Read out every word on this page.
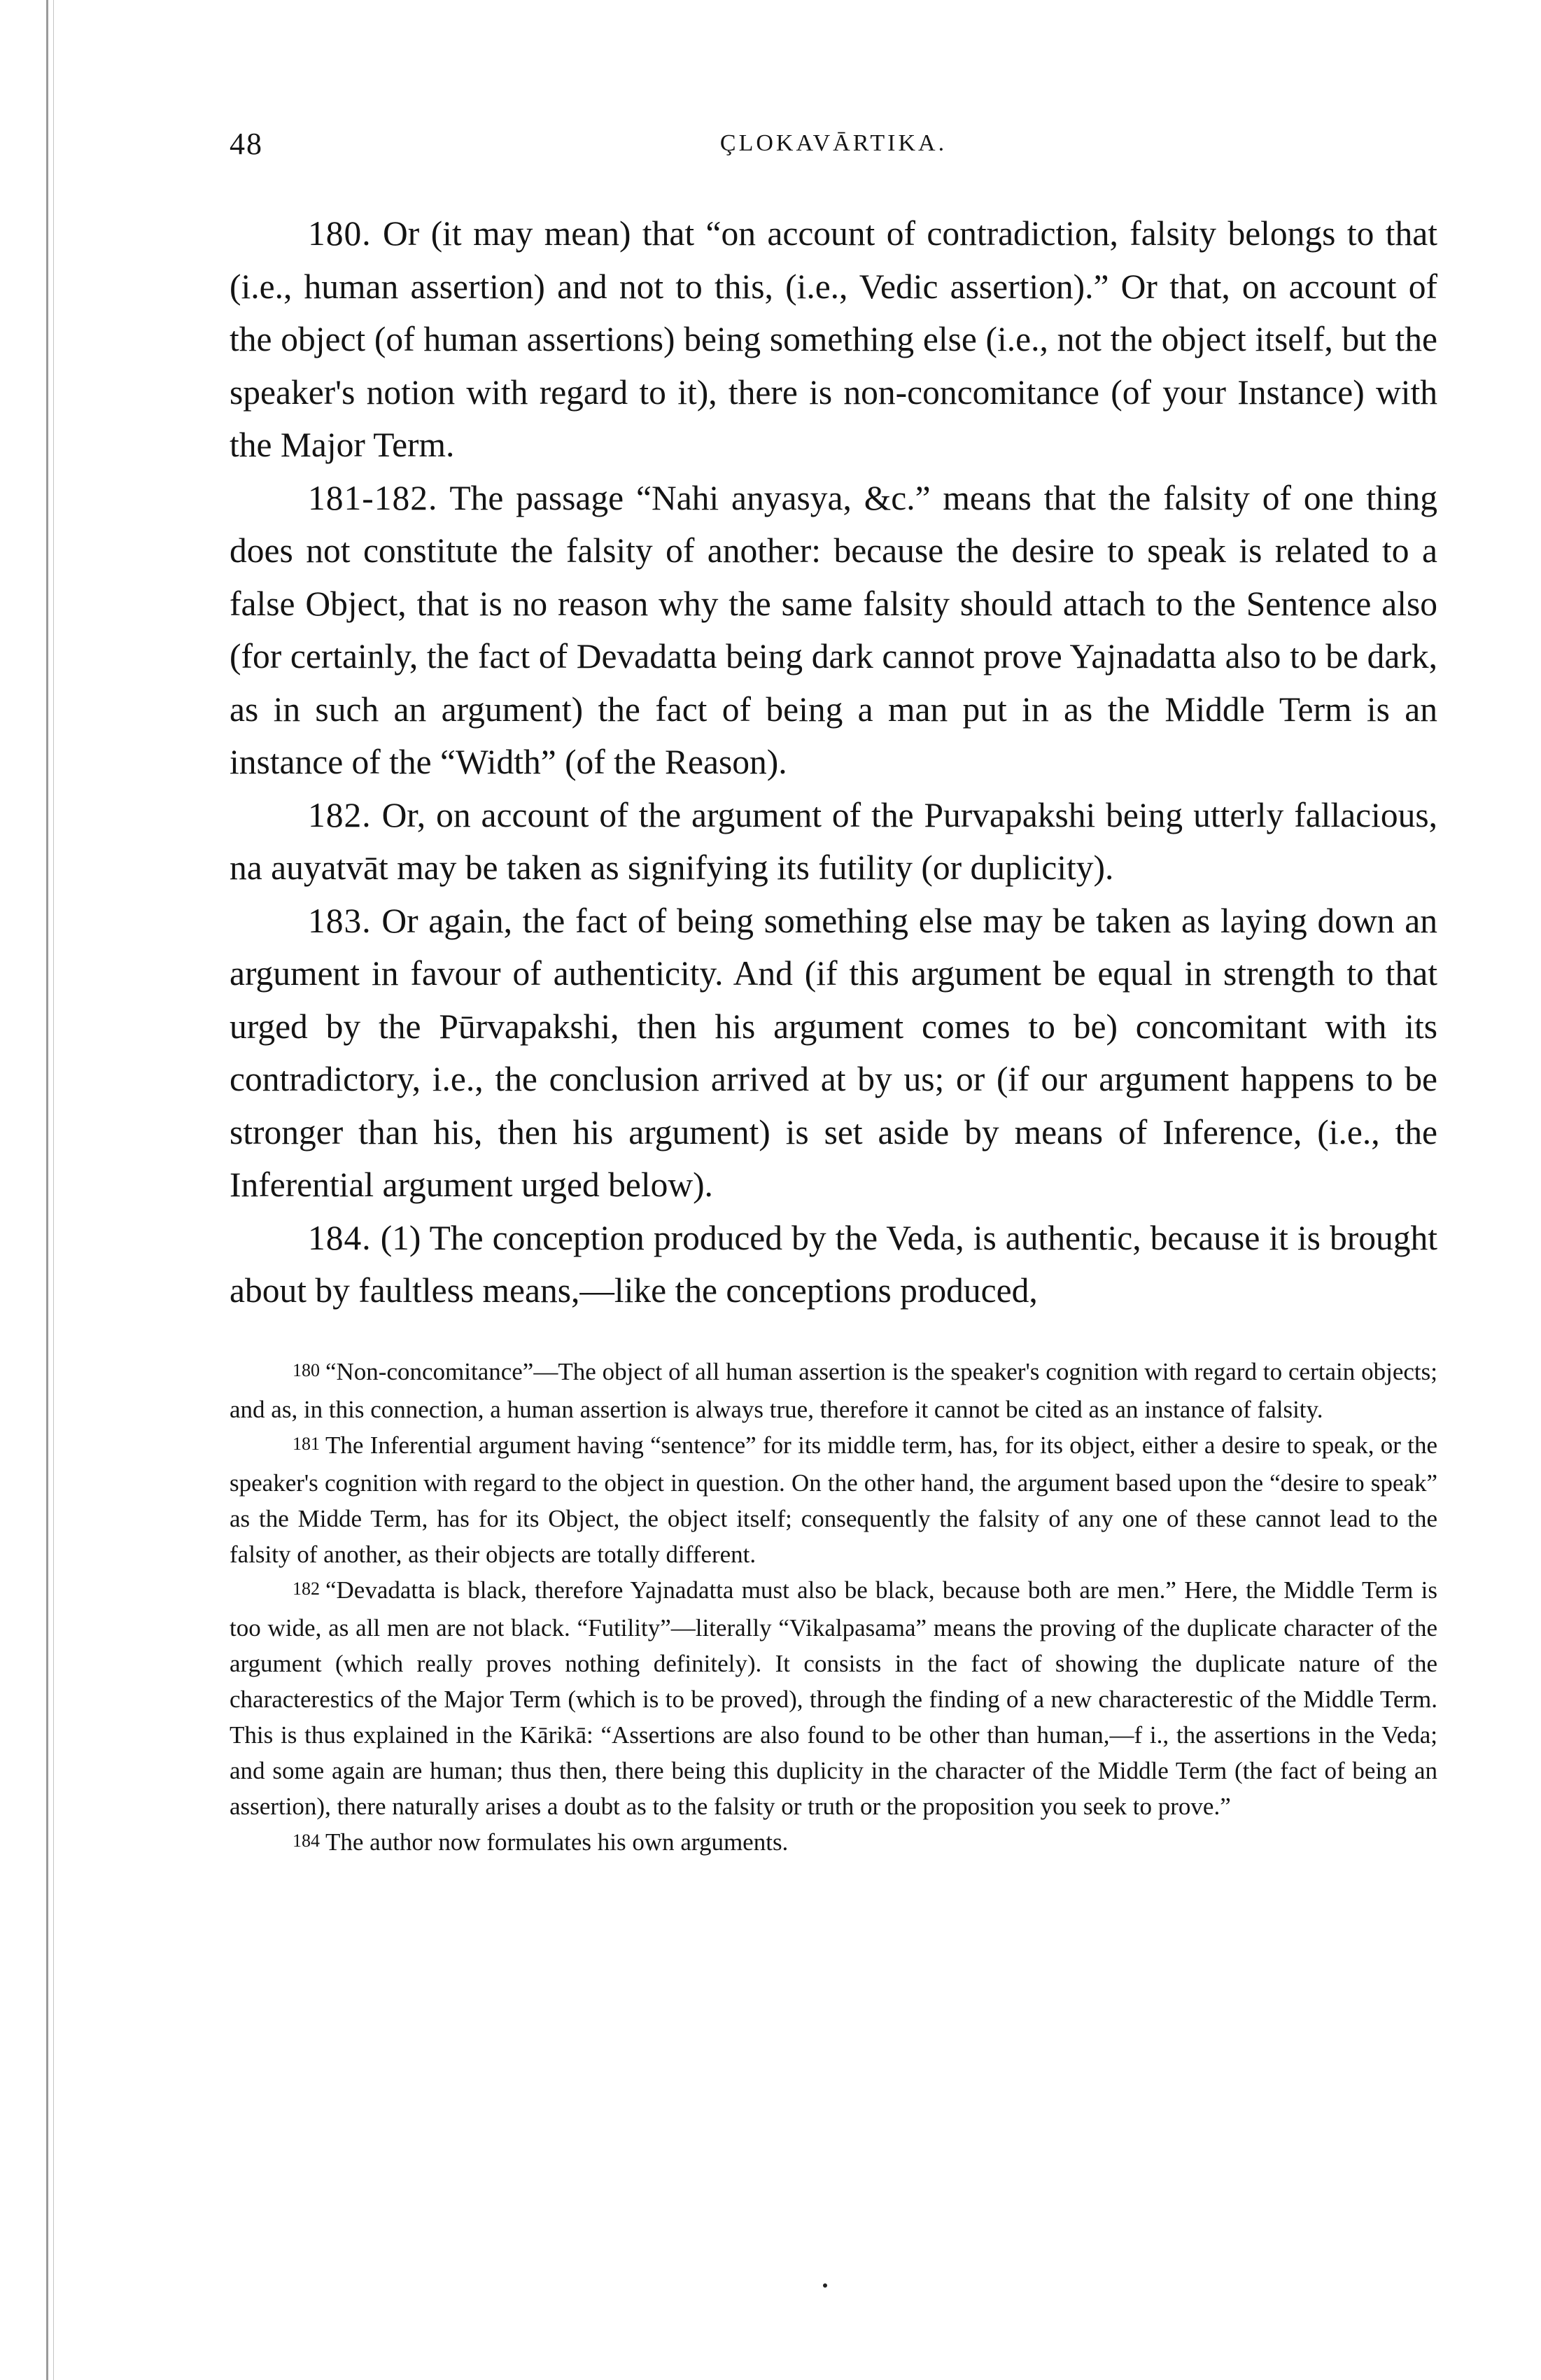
48	ÇLOKAVĀRTIKA.

180. Or (it may mean) that “on account of contradiction, falsity belongs to that (i.e., human assertion) and not to this, (i.e., Vedic assertion).” Or that, on account of the object (of human assertions) being something else (i.e., not the object itself, but the speaker's notion with regard to it), there is non-concomitance (of your Instance) with the Major Term.

181-182. The passage “Nahi anyasya, &c.” means that the falsity of one thing does not constitute the falsity of another: because the desire to speak is related to a false Object, that is no reason why the same falsity should attach to the Sentence also (for certainly, the fact of Devadatta being dark cannot prove Yajnadatta also to be dark, as in such an argument) the fact of being a man put in as the Middle Term is an instance of the “Width” (of the Reason).

182. Or, on account of the argument of the Purvapakshi being utterly fallacious, na auyatvāt may be taken as signifying its futility (or duplicity).

183. Or again, the fact of being something else may be taken as laying down an argument in favour of authenticity. And (if this argument be equal in strength to that urged by the Pūrvapakshi, then his argument comes to be) concomitant with its contradictory, i.e., the conclusion arrived at by us; or (if our argument happens to be stronger than his, then his argument) is set aside by means of Inference, (i.e., the Inferential argument urged below).

184. (1) The conception produced by the Veda, is authentic, because it is brought about by faultless means,—like the conceptions produced,

180 “Non-concomitance”—The object of all human assertion is the speaker's cognition with regard to certain objects; and as, in this connection, a human assertion is always true, therefore it cannot be cited as an instance of falsity.

181 The Inferential argument having “sentence” for its middle term, has, for its object, either a desire to speak, or the speaker's cognition with regard to the object in question. On the other hand, the argument based upon the “desire to speak” as the Midde Term, has for its Object, the object itself; consequently the falsity of any one of these cannot lead to the falsity of another, as their objects are totally different.

182 “Devadatta is black, therefore Yajnadatta must also be black, because both are men.” Here, the Middle Term is too wide, as all men are not black. “Futility”—literally “Vikalpasama” means the proving of the duplicate character of the argument (which really proves nothing definitely). It consists in the fact of showing the duplicate nature of the characterestics of the Major Term (which is to be proved), through the finding of a new characterestic of the Middle Term. This is thus explained in the Kārikā: “Assertions are also found to be other than human,—f i., the assertions in the Veda; and some again are human; thus then, there being this duplicity in the character of the Middle Term (the fact of being an assertion), there naturally arises a doubt as to the falsity or truth or the proposition you seek to prove.”

184 The author now formulates his own arguments.
